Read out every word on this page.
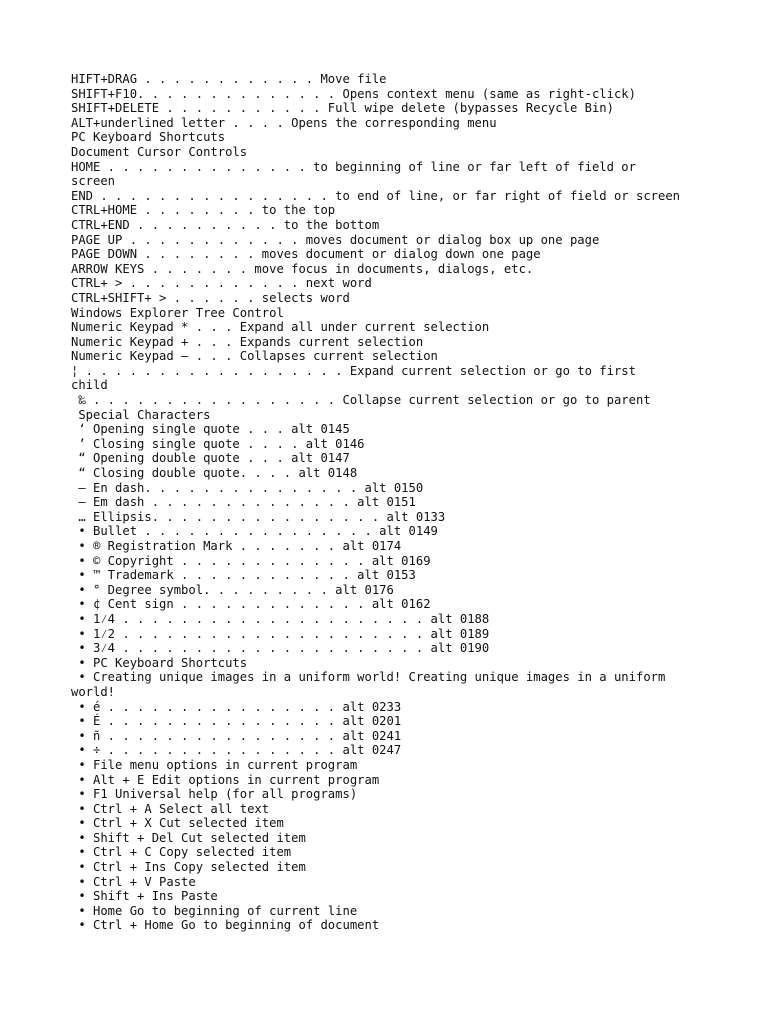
HIFT+DRAG . . . . . . . . . . . . Move file
SHIFT+F10. . . . . . . . . . . . . . Opens context menu (same as right-click)
SHIFT+DELETE . . . . . . . . . . . Full wipe delete (bypasses Recycle Bin)
ALT+underlined letter . . . . Opens the corresponding menu
PC Keyboard Shortcuts
Document Cursor Controls
HOME . . . . . . . . . . . . . . to beginning of line or far left of field or
screen
END . . . . . . . . . . . . . . . . to end of line, or far right of field or screen
CTRL+HOME . . . . . . . . to the top
CTRL+END . . . . . . . . . . to the bottom
PAGE UP . . . . . . . . . . . . moves document or dialog box up one page
PAGE DOWN . . . . . . . . moves document or dialog down one page
ARROW KEYS . . . . . . . move focus in documents, dialogs, etc.
CTRL+ > . . . . . . . . . . . . next word
CTRL+SHIFT+ > . . . . . . selects word
Windows Explorer Tree Control
Numeric Keypad * . . . Expand all under current selection
Numeric Keypad + . . . Expands current selection
Numeric Keypad – . . . Collapses current selection
¦ . . . . . . . . . . . . . . . . . . Expand current selection or go to first
child
‰ . . . . . . . . . . . . . . . . . Collapse current selection or go to parent
Special Characters
‘ Opening single quote . . . alt 0145
’ Closing single quote . . . . alt 0146
“ Opening double quote . . . alt 0147
“ Closing double quote. . . . alt 0148
– En dash. . . . . . . . . . . . . . . alt 0150
— Em dash . . . . . . . . . . . . . . alt 0151
… Ellipsis. . . . . . . . . . . . . . . . alt 0133
• Bullet . . . . . . . . . . . . . . . . alt 0149
• ® Registration Mark . . . . . . . alt 0174
• © Copyright . . . . . . . . . . . . . alt 0169
• ™ Trademark . . . . . . . . . . . . alt 0153
• ° Degree symbol. . . . . . . . . alt 0176
• ¢ Cent sign . . . . . . . . . . . . . alt 0162
• 1⁄4 . . . . . . . . . . . . . . . . . . . . . alt 0188
• 1⁄2 . . . . . . . . . . . . . . . . . . . . . alt 0189
• 3⁄4 . . . . . . . . . . . . . . . . . . . . . alt 0190
• PC Keyboard Shortcuts
• Creating unique images in a uniform world! Creating unique images in a uniform
world!
• é . . . . . . . . . . . . . . . . alt 0233
• É . . . . . . . . . . . . . . . . alt 0201
• ñ . . . . . . . . . . . . . . . . alt 0241
• ÷ . . . . . . . . . . . . . . . . alt 0247
• File menu options in current program
• Alt + E Edit options in current program
• F1 Universal help (for all programs)
• Ctrl + A Select all text
• Ctrl + X Cut selected item
• Shift + Del Cut selected item
• Ctrl + C Copy selected item
• Ctrl + Ins Copy selected item
• Ctrl + V Paste
• Shift + Ins Paste
• Home Go to beginning of current line
• Ctrl + Home Go to beginning of document
